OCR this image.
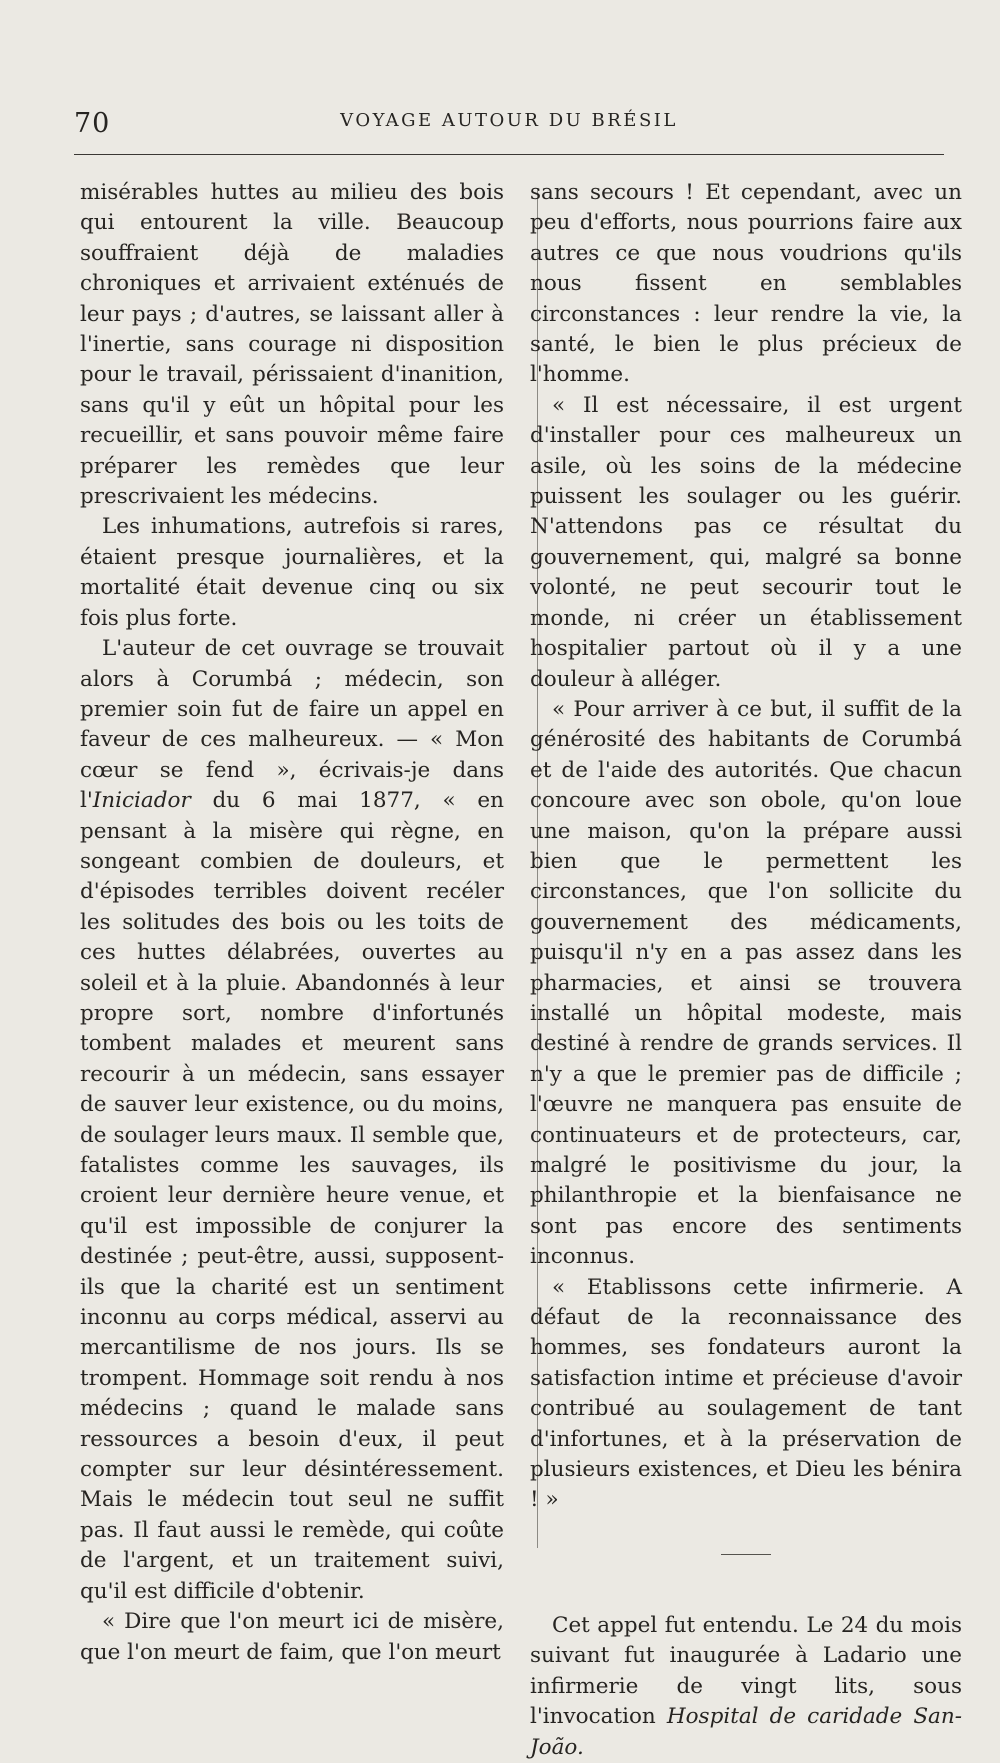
70	VOYAGE AUTOUR DU BRÉSIL

misérables huttes au milieu des bois qui entourent la ville. Beaucoup souffraient déjà de maladies chroniques et arrivaient exténués de leur pays ; d'autres, se laissant aller à l'inertie, sans courage ni disposition pour le travail, périssaient d'inanition, sans qu'il y eût un hôpital pour les recueillir, et sans pouvoir même faire préparer les remèdes que leur prescrivaient les médecins.

Les inhumations, autrefois si rares, étaient presque journalières, et la mortalité était devenue cinq ou six fois plus forte.

L'auteur de cet ouvrage se trouvait alors à Corumbá ; médecin, son premier soin fut de faire un appel en faveur de ces malheureux. — « Mon cœur se fend », écrivais-je dans l'Iniciador du 6 mai 1877, « en pensant à la misère qui règne, en songeant combien de douleurs, et d'épisodes terribles doivent recéler les solitudes des bois ou les toits de ces huttes délabrées, ouvertes au soleil et à la pluie. Abandonnés à leur propre sort, nombre d'infortunés tombent malades et meurent sans recourir à un médecin, sans essayer de sauver leur existence, ou du moins, de soulager leurs maux. Il semble que, fatalistes comme les sauvages, ils croient leur dernière heure venue, et qu'il est impossible de conjurer la destinée ; peut-être, aussi, supposent-ils que la charité est un sentiment inconnu au corps médical, asservi au mercantilisme de nos jours. Ils se trompent. Hommage soit rendu à nos médecins ; quand le malade sans ressources a besoin d'eux, il peut compter sur leur désintéressement. Mais le médecin tout seul ne suffit pas. Il faut aussi le remède, qui coûte de l'argent, et un traitement suivi, qu'il est difficile d'obtenir.

« Dire que l'on meurt ici de misère, que l'on meurt de faim, que l'on meurt

sans secours ! Et cependant, avec un peu d'efforts, nous pourrions faire aux autres ce que nous voudrions qu'ils nous fissent en semblables circonstances : leur rendre la vie, la santé, le bien le plus précieux de l'homme.

« Il est nécessaire, il est urgent d'installer pour ces malheureux un asile, où les soins de la médecine puissent les soulager ou les guérir. N'attendons pas ce résultat du gouvernement, qui, malgré sa bonne volonté, ne peut secourir tout le monde, ni créer un établissement hospitalier partout où il y a une douleur à alléger.

« Pour arriver à ce but, il suffit de la générosité des habitants de Corumbá et de l'aide des autorités. Que chacun concoure avec son obole, qu'on loue une maison, qu'on la prépare aussi bien que le permettent les circonstances, que l'on sollicite du gouvernement des médicaments, puisqu'il n'y en a pas assez dans les pharmacies, et ainsi se trouvera installé un hôpital modeste, mais destiné à rendre de grands services. Il n'y a que le premier pas de difficile ; l'œuvre ne manquera pas ensuite de continuateurs et de protecteurs, car, malgré le positivisme du jour, la philanthropie et la bienfaisance ne sont pas encore des sentiments inconnus.

« Etablissons cette infirmerie. A défaut de la reconnaissance des hommes, ses fondateurs auront la satisfaction intime et précieuse d'avoir contribué au soulagement de tant d'infortunes, et à la préservation de plusieurs existences, et Dieu les bénira ! »

Cet appel fut entendu. Le 24 du mois suivant fut inaugurée à Ladario une infirmerie de vingt lits, sous l'invocation Hospital de caridade San-João.
